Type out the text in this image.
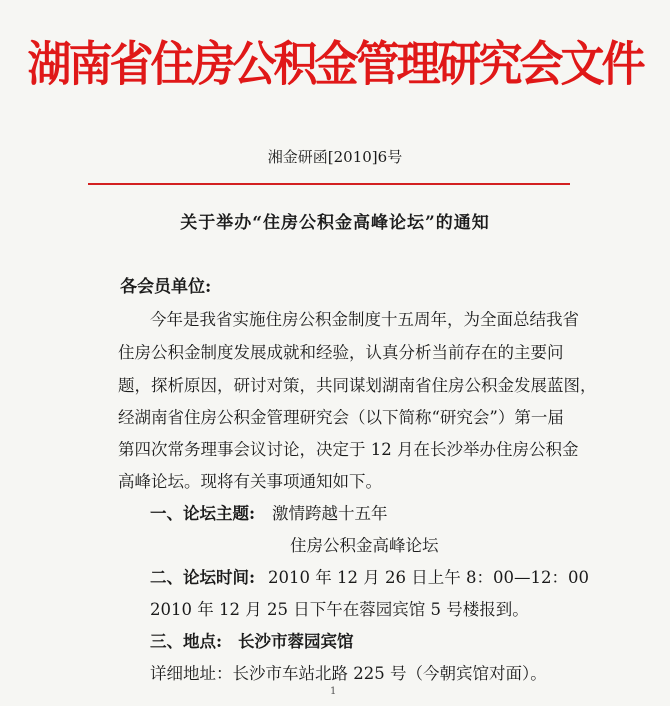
湖南省住房公积金管理研究会文件
湘金研函[2010]6号
关于举办“住房公积金高峰论坛”的通知
各会员单位:
今年是我省实施住房公积金制度十五周年，为全面总结我省
住房公积金制度发展成就和经验，认真分析当前存在的主要问
题，探析原因，研讨对策，共同谋划湖南省住房公积金发展蓝图，
经湖南省住房公积金管理研究会（以下简称“研究会”）第一届
第四次常务理事会议讨论，决定于 12 月在长沙举办住房公积金
高峰论坛。现将有关事项通知如下。
一、论坛主题: 激情跨越十五年
住房公积金高峰论坛
二、论坛时间: 2010 年 12 月 26 日上午 8：00—12：00
2010 年 12 月 25 日下午在蓉园宾馆 5 号楼报到。
三、地点: 长沙市蓉园宾馆
详细地址：长沙市车站北路 225 号（今朝宾馆对面）。
1
